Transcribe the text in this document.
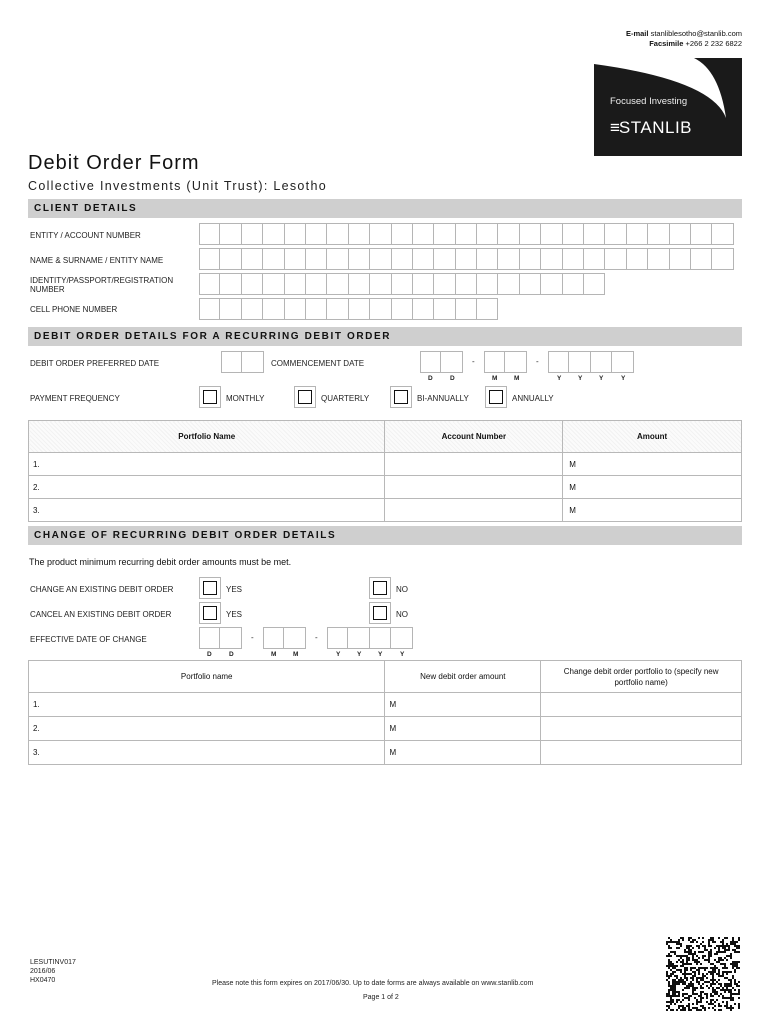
E-mail stanliblesotho@stanlib.com
Facsimile +266 2 232 6822
Focused Investing
≡STANLIB
Debit Order Form
Collective Investments (Unit Trust): Lesotho
CLIENT DETAILS
ENTITY / ACCOUNT NUMBER
NAME & SURNAME / ENTITY NAME
IDENTITY/PASSPORT/REGISTRATION NUMBER
CELL PHONE NUMBER
DEBIT ORDER DETAILS FOR A RECURRING DEBIT ORDER
DEBIT ORDER PREFERRED DATE	COMMENCEMENT DATE	-	-
D	D	M	M	Y	Y	Y	Y
PAYMENT FREQUENCY	MONTHLY	QUARTERLY	BI-ANNUALLY	ANNUALLY
Portfolio Name	Account Number	Amount
1.		M
2.		M
3.		M
CHANGE OF RECURRING DEBIT ORDER DETAILS
The product minimum recurring debit order amounts must be met.
CHANGE AN EXISTING DEBIT ORDER	YES	NO
CANCEL AN EXISTING DEBIT ORDER	YES	NO
EFFECTIVE DATE OF CHANGE	-	-
D	D	M	M	Y	Y	Y	Y
Portfolio name	New debit order amount	Change debit order portfolio to (specify new portfolio name)
1.	M	
2.	M	
3.	M	
LESUTINV017
2016/06
HX0470	Please note this form expires on 2017/06/30. Up to date forms are always available on www.stanlib.com
Page 1 of 2
